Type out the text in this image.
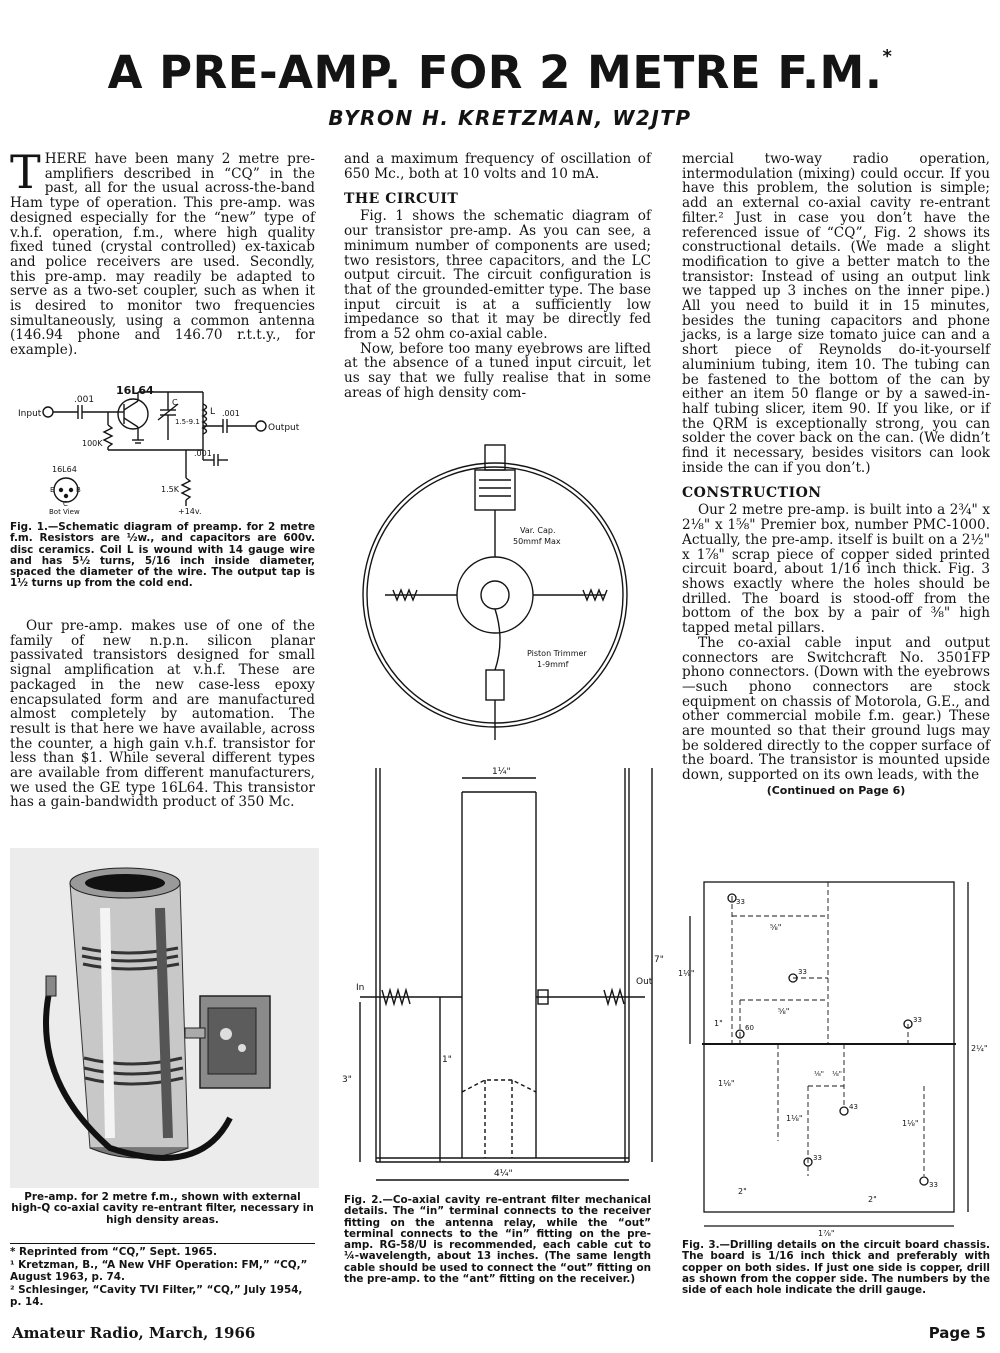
A PRE-AMP. FOR 2 METRE F.M.*
BYRON H. KRETZMAN, W2JTP

THERE have been many 2 metre pre-amplifiers described in “CQ” in the past, all for the usual across-the-band Ham type of operation. This pre-amp. was designed especially for the “new” type of v.h.f. operation, f.m., where high quality fixed tuned (crystal controlled) ex-taxicab and police receivers are used. Secondly, this pre-amp. may readily be adapted to serve as a two-set coupler, such as when it is desired to monitor two frequencies simultaneously, using a common antenna (146.94 phone and 146.70 r.t.t.y., for example).

Input
.001
16L64
100K
C
1.5-9.1
L .001
Output
.001
1.5K
+14v.
16L64
Bot View
E
C
B

Fig. 1.—Schematic diagram of preamp. for 2 metre f.m. Resistors are ½w., and capacitors are 600v. disc ceramics. Coil L is wound with 14 gauge wire and has 5½ turns, 5/16 inch inside diameter, spaced the diameter of the wire. The output tap is 1½ turns up from the cold end.

Our pre-amp. makes use of one of the family of new n.p.n. silicon planar passivated transistors designed for small signal amplification at v.h.f. These are packaged in the new case-less epoxy encapsulated form and are manufactured almost completely by automation. The result is that here we have available, across the counter, a high gain v.h.f. transistor for less than $1. While several different types are available from different manufacturers, we used the GE type 16L64. This transistor has a gain-bandwidth product of 350 Mc.

Pre-amp. for 2 metre f.m., shown with external high-Q co-axial cavity re-entrant filter, necessary in high density areas.

* Reprinted from “CQ,” Sept. 1965.

¹ Kretzman, B., “A New VHF Operation: FM,” “CQ,” August 1963, p. 74.

² Schlesinger, “Cavity TVI Filter,” “CQ,” July 1954, p. 14.

and a maximum frequency of oscillation of 650 Mc., both at 10 volts and 10 mA.

THE CIRCUIT

Fig. 1 shows the schematic diagram of our transistor pre-amp. As you can see, a minimum number of components are used; two resistors, three capacitors, and the LC output circuit. The circuit configuration is that of the grounded-emitter type. The base input circuit is at a sufficiently low impedance so that it may be directly fed from a 52 ohm co-axial cable.

Now, before too many eyebrows are lifted at the absence of a tuned input circuit, let us say that we fully realise that in some areas of high density com-

Var. Cap.
50mmf Max
Piston Trimmer
1-9mmf
In
Out
1¼"
7"
4¼"
3"
1"

Fig. 2.—Co-axial cavity re-entrant filter mechanical details. The “in” terminal connects to the receiver fitting on the antenna relay, while the “out” terminal connects to the “in” fitting on the pre-amp. RG-58/U is recommended, each cable cut to ¼-wavelength, about 13 inches. (The same length cable should be used to connect the “out” fitting on the pre-amp. to the “ant” fitting on the receiver.)

mercial two-way radio operation, intermodulation (mixing) could occur. If you have this problem, the solution is simple; add an external co-axial cavity re-entrant filter.² Just in case you don’t have the referenced issue of “CQ”, Fig. 2 shows its constructional details. (We made a slight modification to give a better match to the transistor: Instead of using an output link we tapped up 3 inches on the inner pipe.) All you need to build it in 15 minutes, besides the tuning capacitors and phone jacks, is a large size tomato juice can and a short piece of Reynolds do-it-yourself aluminium tubing, item 10. The tubing can be fastened to the bottom of the can by either an item 50 flange or by a sawed-in-half tubing slicer, item 90. If you like, or if the QRM is exceptionally strong, you can solder the cover back on the can. (We didn’t find it necessary, besides visitors can look inside the can if you don’t.)

CONSTRUCTION

Our 2 metre pre-amp. is built into a 2¾" x 2⅛" x 1⅝" Premier box, number PMC-1000. Actually, the pre-amp. itself is built on a 2½" x 1⅞" scrap piece of copper sided printed circuit board, about 1/16 inch thick. Fig. 3 shows exactly where the holes should be drilled. The board is stood-off from the bottom of the box by a pair of ⅜" high tapped metal pillars.

The co-axial cable input and output connectors are Switchcraft No. 3501FP phono connectors. (Down with the eyebrows—such phono connectors are stock equipment on chassis of Motorola, G.E., and other commercial mobile f.m. gear.) These are mounted so that their ground lugs may be soldered directly to the copper surface of the board. The transistor is mounted upside down, supported on its own leads, with the

(Continued on Page 6)

33
33
60
33
43
33
33
⅝"
1⅛"
⅝"
1"
1⅛"
⅛" ⅛"
1⅛"
1⅛"
2"
1⅞"
2¼"
2"

Fig. 3.—Drilling details on the circuit board chassis. The board is 1/16 inch thick and preferably with copper on both sides. If just one side is copper, drill as shown from the copper side. The numbers by the side of each hole indicate the drill gauge.

Amateur Radio, March, 1966	Page 5
